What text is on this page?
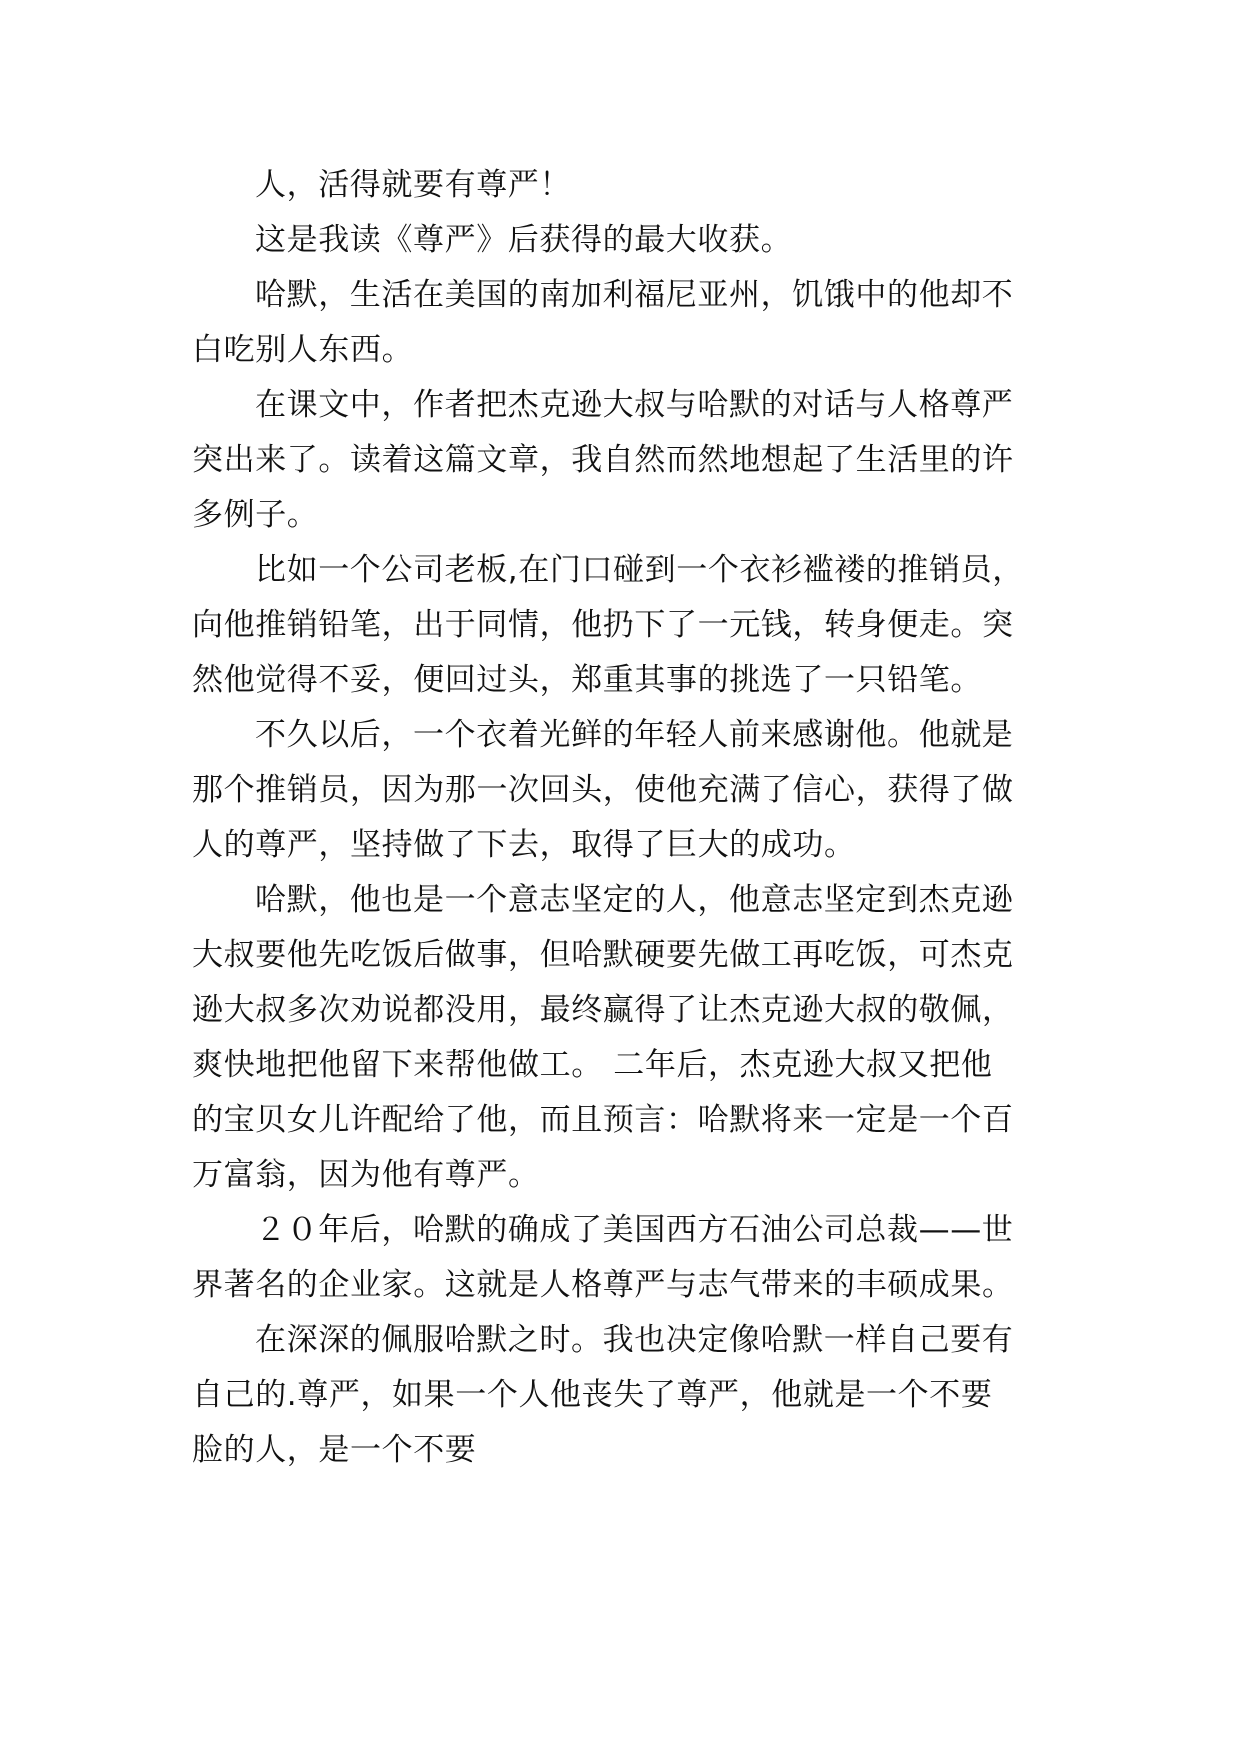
人，活得就要有尊严！
这是我读《尊严》后获得的最大收获。
哈默，生活在美国的南加利福尼亚州，饥饿中的他却不
白吃别人东西。
在课文中，作者把杰克逊大叔与哈默的对话与人格尊严
突出来了。读着这篇文章，我自然而然地想起了生活里的许
多例子。
比如一个公司老板,在门口碰到一个衣衫褴褛的推销员，
向他推销铅笔，出于同情，他扔下了一元钱，转身便走。突
然他觉得不妥，便回过头，郑重其事的挑选了一只铅笔。
不久以后，一个衣着光鲜的年轻人前来感谢他。他就是
那个推销员，因为那一次回头，使他充满了信心，获得了做
人的尊严，坚持做了下去，取得了巨大的成功。
哈默，他也是一个意志坚定的人，他意志坚定到杰克逊
大叔要他先吃饭后做事，但哈默硬要先做工再吃饭，可杰克
逊大叔多次劝说都没用，最终赢得了让杰克逊大叔的敬佩，
爽快地把他留下来帮他做工。 二年后，杰克逊大叔又把他
的宝贝女儿许配给了他，而且预言：哈默将来一定是一个百
万富翁，因为他有尊严。
２０年后，哈默的确成了美国西方石油公司总裁——世
界著名的企业家。这就是人格尊严与志气带来的丰硕成果。
在深深的佩服哈默之时。我也决定像哈默一样自己要有
自己的.尊严，如果一个人他丧失了尊严，他就是一个不要
脸的人，是一个不要
